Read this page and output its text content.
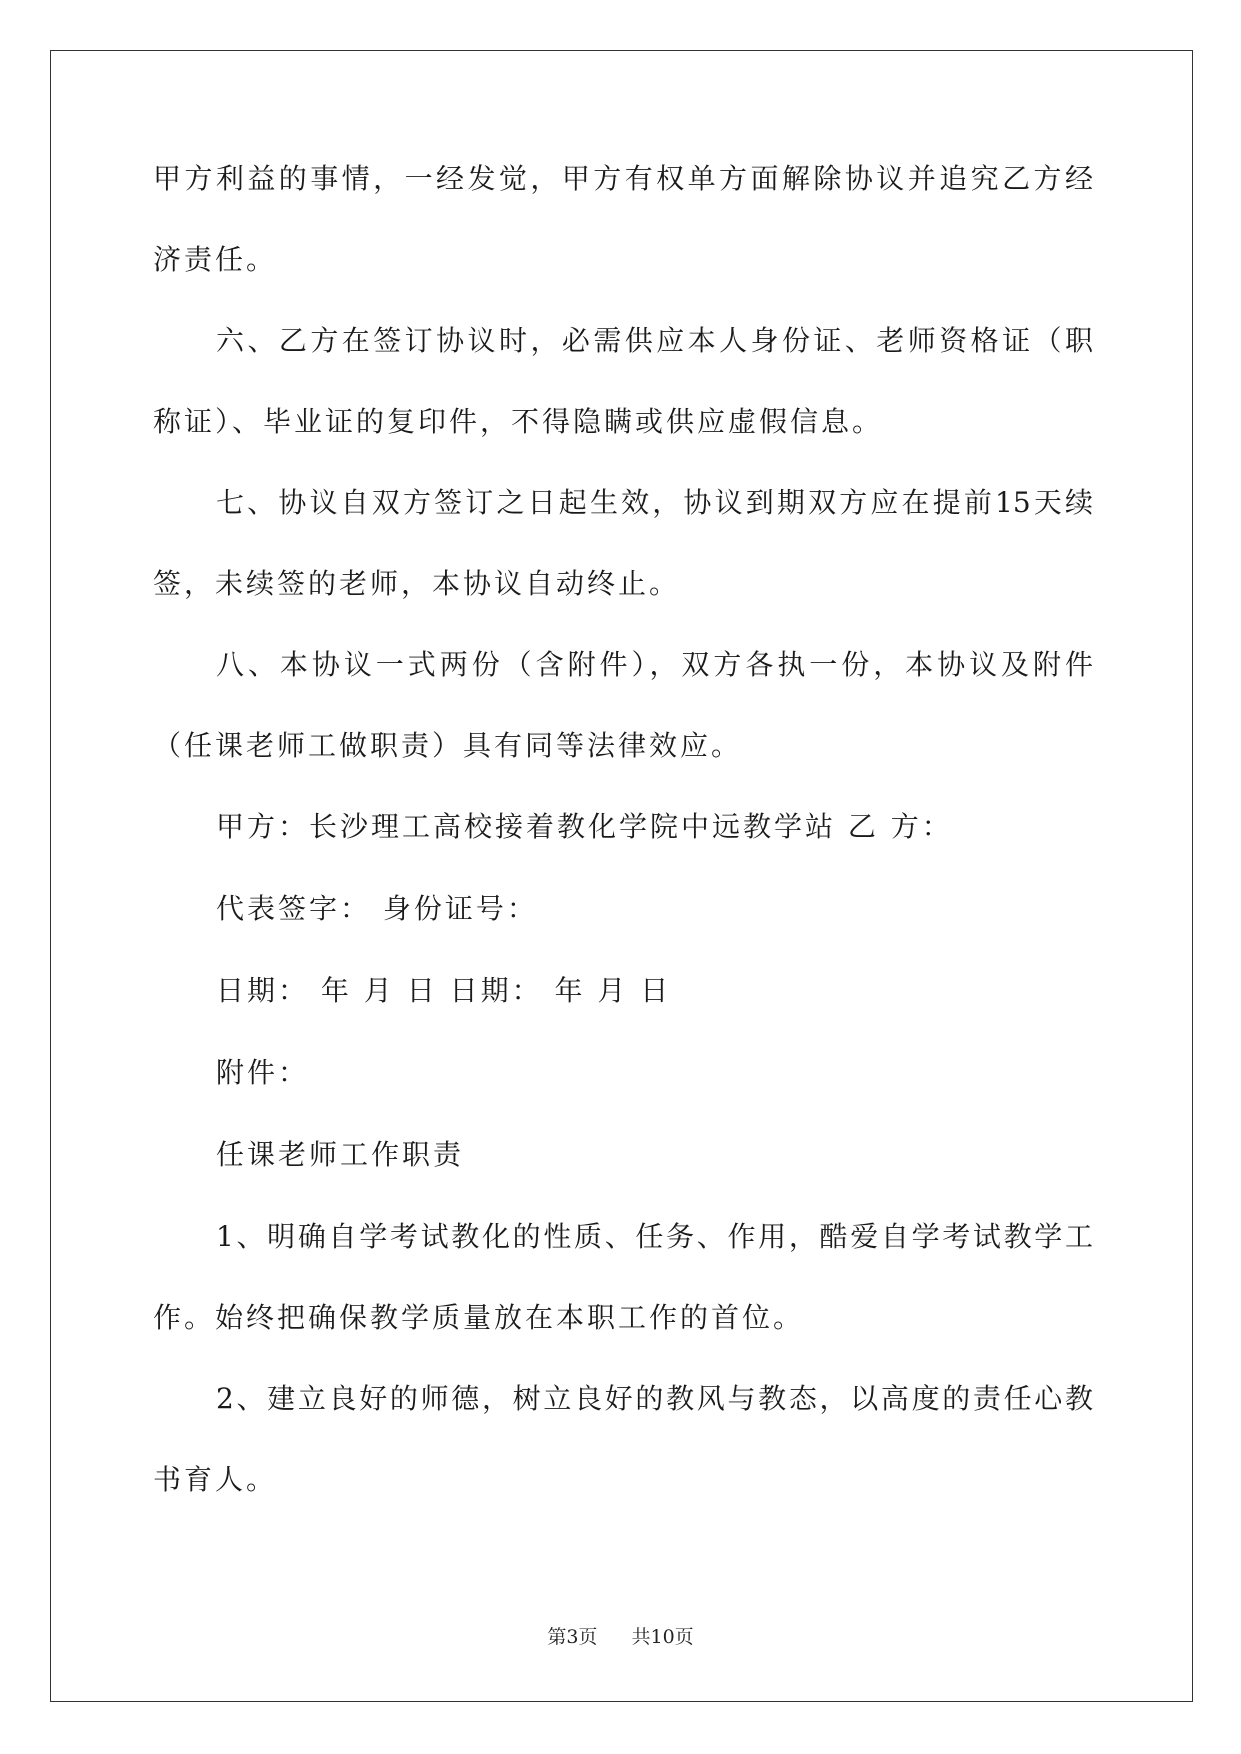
甲方利益的事情，一经发觉，甲方有权单方面解除协议并追究乙方经
济责任。
六、乙方在签订协议时，必需供应本人身份证、老师资格证（职
称证）、毕业证的复印件，不得隐瞒或供应虚假信息。
七、协议自双方签订之日起生效，协议到期双方应在提前15天续
签，未续签的老师，本协议自动终止。
八、本协议一式两份（含附件），双方各执一份，本协议及附件
（任课老师工做职责）具有同等法律效应。
甲方：长沙理工高校接着教化学院中远教学站 乙 方：
代表签字： 身份证号：
日期： 年 月 日 日期： 年 月 日
附件：
任课老师工作职责
1、明确自学考试教化的性质、任务、作用，酷爱自学考试教学工
作。始终把确保教学质量放在本职工作的首位。
2、建立良好的师德，树立良好的教风与教态，以高度的责任心教
书育人。
第3页 共10页
